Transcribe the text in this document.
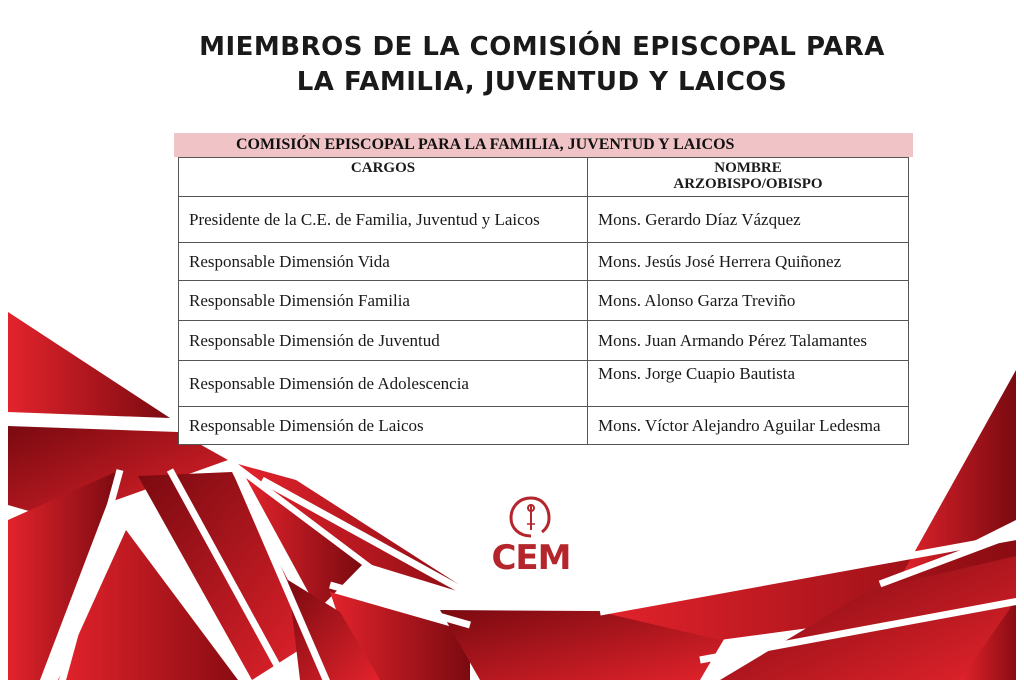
MIEMBROS DE LA COMISIÓN EPISCOPAL PARA
LA FAMILIA, JUVENTUD Y LAICOS
COMISIÓN EPISCOPAL PARA LA FAMILIA, JUVENTUD Y LAICOS
CARGOS	NOMBRE
ARZOBISPO/OBISPO

Presidente de la C.E. de Familia, Juventud y Laicos	Mons. Gerardo Díaz Vázquez
Responsable Dimensión Vida	Mons. Jesús José Herrera Quiñonez
Responsable Dimensión Familia	Mons. Alonso Garza Treviño
Responsable Dimensión de Juventud	Mons. Juan Armando Pérez Talamantes
Responsable Dimensión de Adolescencia	Mons. Jorge Cuapio Bautista
Responsable Dimensión de Laicos	Mons. Víctor Alejandro Aguilar Ledesma
CEM
